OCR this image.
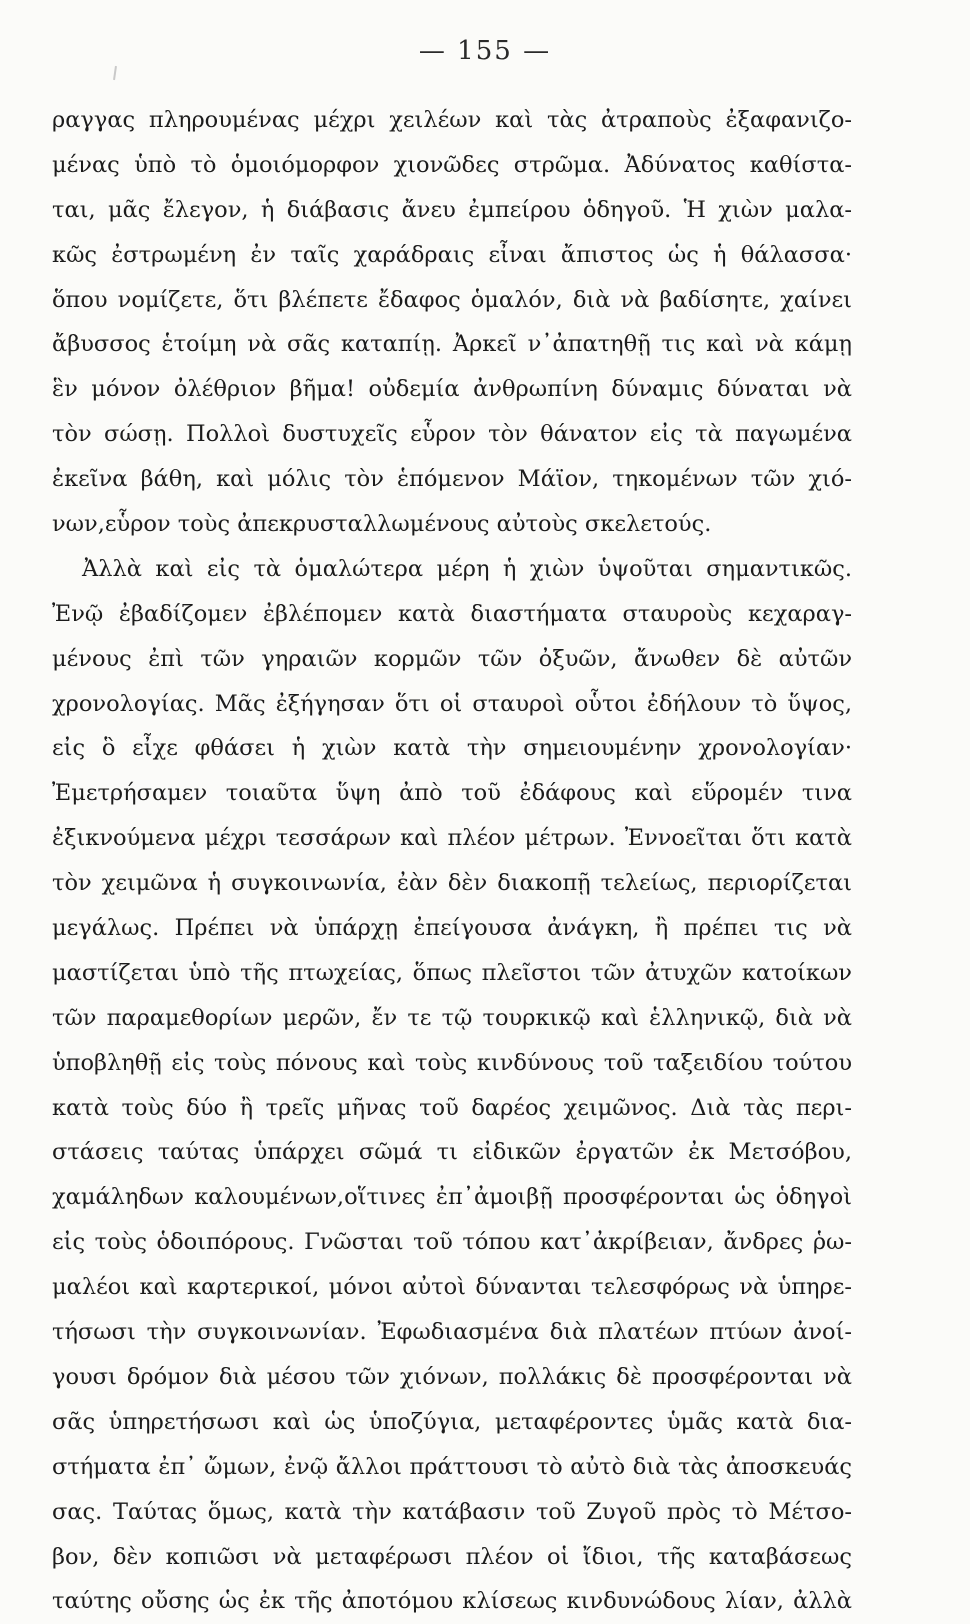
— 155 —
ραγγας πληρουμένας μέχρι χειλέων καὶ τὰς ἀτραποὺς ἐξαφανιζο-
μένας ὑπὸ τὸ ὁμοιόμορφον χιονῶδες στρῶμα. Ἀδύνατος καθίστα-
ται, μᾶς ἔλεγον, ἡ διάβασις ἄνευ ἐμπείρου ὁδηγοῦ. Ἡ χιὼν μαλα-
κῶς ἐστρωμένη ἐν ταῖς χαράδραις εἶναι ἄπιστος ὡς ἡ θάλασσα·
ὅπου νομίζετε, ὅτι βλέπετε ἔδαφος ὁμαλόν, διὰ νὰ βαδίσητε, χαίνει
ἄβυσσος ἑτοίμη νὰ σᾶς καταπίῃ. Ἀρκεῖ ν᾽ἀπατηθῇ τις καὶ νὰ κάμῃ
ἓν μόνον ὀλέθριον βῆμα! οὐδεμία ἀνθρωπίνη δύναμις δύναται νὰ
τὸν σώσῃ. Πολλοὶ δυστυχεῖς εὗρον τὸν θάνατον εἰς τὰ παγωμένα
ἐκεῖνα βάθη, καὶ μόλις τὸν ἑπόμενον Μάϊον, τηκομένων τῶν χιό-
νων,εὗρον τοὺς ἀπεκρυσταλλωμένους αὐτοὺς σκελετούς.
Ἀλλὰ καὶ εἰς τὰ ὁμαλώτερα μέρη ἡ χιὼν ὑψοῦται σημαντικῶς.
Ἐνῷ ἐβαδίζομεν ἐβλέπομεν κατὰ διαστήματα σταυροὺς κεχαραγ-
μένους ἐπὶ τῶν γηραιῶν κορμῶν τῶν ὀξυῶν, ἄνωθεν δὲ αὐτῶν
χρονολογίας. Μᾶς ἐξήγησαν ὅτι οἱ σταυροὶ οὗτοι ἐδήλουν τὸ ὕψος,
εἰς ὃ εἶχε φθάσει ἡ χιὼν κατὰ τὴν σημειουμένην χρονολογίαν·
Ἐμετρήσαμεν τοιαῦτα ὕψη ἀπὸ τοῦ ἐδάφους καὶ εὕρομέν τινα
ἐξικνούμενα μέχρι τεσσάρων καὶ πλέον μέτρων. Ἐννοεῖται ὅτι κατὰ
τὸν χειμῶνα ἡ συγκοινωνία, ἐὰν δὲν διακοπῇ τελείως, περιορίζεται
μεγάλως. Πρέπει νὰ ὑπάρχῃ ἐπείγουσα ἀνάγκη, ἢ πρέπει τις νὰ
μαστίζεται ὑπὸ τῆς πτωχείας, ὅπως πλεῖστοι τῶν ἀτυχῶν κατοίκων
τῶν παραμεθορίων μερῶν, ἔν τε τῷ τουρκικῷ καὶ ἑλληνικῷ, διὰ νὰ
ὑποβληθῇ εἰς τοὺς πόνους καὶ τοὺς κινδύνους τοῦ ταξειδίου τούτου
κατὰ τοὺς δύο ἢ τρεῖς μῆνας τοῦ δαρέος χειμῶνος. Διὰ τὰς περι-
στάσεις ταύτας ὑπάρχει σῶμά τι εἰδικῶν ἐργατῶν ἐκ Μετσόβου,
χαμάληδων καλουμένων,οἵτινες ἐπ᾽ἀμοιβῇ προσφέρονται ὡς ὁδηγοὶ
εἰς τοὺς ὁδοιπόρους. Γνῶσται τοῦ τόπου κατ᾽ἀκρίβειαν, ἄνδρες ῥω-
μαλέοι καὶ καρτερικοί, μόνοι αὐτοὶ δύνανται τελεσφόρως νὰ ὑπηρε-
τήσωσι τὴν συγκοινωνίαν. Ἐφωδιασμένα διὰ πλατέων πτύων ἀνοί-
γουσι δρόμον διὰ μέσου τῶν χιόνων, πολλάκις δὲ προσφέρονται νὰ
σᾶς ὑπηρετήσωσι καὶ ὡς ὑποζύγια, μεταφέροντες ὑμᾶς κατὰ δια-
στήματα ἐπ᾽ ὤμων, ἐνῷ ἄλλοι πράττουσι τὸ αὐτὸ διὰ τὰς ἀποσκευάς
σας. Ταύτας ὅμως, κατὰ τὴν κατάβασιν τοῦ Ζυγοῦ πρὸς τὸ Μέτσο-
βον, δὲν κοπιῶσι νὰ μεταφέρωσι πλέον οἱ ἴδιοι, τῆς καταβάσεως
ταύτης οὔσης ὡς ἐκ τῆς ἀποτόμου κλίσεως κινδυνώδους λίαν, ἀλλὰ
